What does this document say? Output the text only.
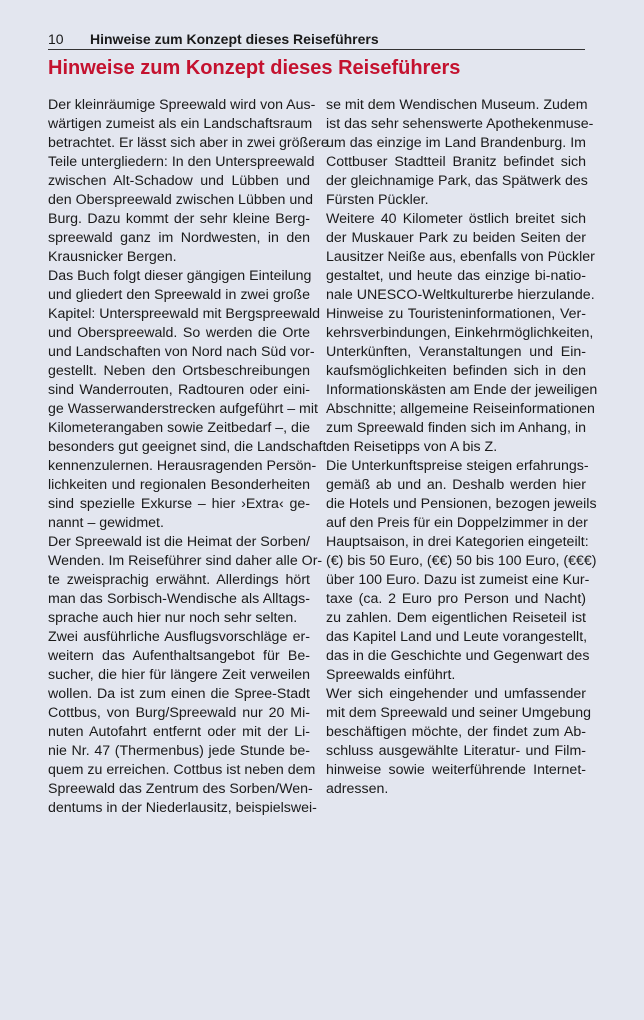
10 Hinweise zum Konzept dieses Reiseführers
Hinweise zum Konzept dieses Reiseführers
Der kleinräumige Spreewald wird von Aus-
wärtigen zumeist als ein Landschaftsraum
betrachtet. Er lässt sich aber in zwei größere
Teile untergliedern: In den Unterspreewald
zwischen Alt-Schadow und Lübben und
den Oberspreewald zwischen Lübben und
Burg. Dazu kommt der sehr kleine Berg-
spreewald ganz im Nordwesten, in den
Krausnicker Bergen.
Das Buch folgt dieser gängigen Einteilung
und gliedert den Spreewald in zwei große
Kapitel: Unterspreewald mit Bergspreewald
und Oberspreewald. So werden die Orte
und Landschaften von Nord nach Süd vor-
gestellt. Neben den Ortsbeschreibungen
sind Wanderrouten, Radtouren oder eini-
ge Wasserwanderstrecken aufgeführt – mit
Kilometerangaben sowie Zeitbedarf –, die
besonders gut geeignet sind, die Landschaft
kennenzulernen. Herausragenden Persön-
lichkeiten und regionalen Besonderheiten
sind spezielle Exkurse – hier ›Extra‹ ge-
nannt – gewidmet.
Der Spreewald ist die Heimat der Sorben/
Wenden. Im Reiseführer sind daher alle Or-
te zweisprachig erwähnt. Allerdings hört
man das Sorbisch-Wendische als Alltags-
sprache auch hier nur noch sehr selten.
Zwei ausführliche Ausflugsvorschläge er-
weitern das Aufenthaltsangebot für Be-
sucher, die hier für längere Zeit verweilen
wollen. Da ist zum einen die Spree-Stadt
Cottbus, von Burg/Spreewald nur 20 Mi-
nuten Autofahrt entfernt oder mit der Li-
nie Nr. 47 (Thermenbus) jede Stunde be-
quem zu erreichen. Cottbus ist neben dem
Spreewald das Zentrum des Sorben/Wen-
dentums in der Niederlausitz, beispielswei-
se mit dem Wendischen Museum. Zudem
ist das sehr sehenswerte Apothekenmuse-
um das einzige im Land Brandenburg. Im
Cottbuser Stadtteil Branitz befindet sich
der gleichnamige Park, das Spätwerk des
Fürsten Pückler.
Weitere 40 Kilometer östlich breitet sich
der Muskauer Park zu beiden Seiten der
Lausitzer Neiße aus, ebenfalls von Pückler
gestaltet, und heute das einzige bi-natio-
nale UNESCO-Weltkulturerbe hierzulande.
Hinweise zu Touristeninformationen, Ver-
kehrsverbindungen, Einkehrmöglichkeiten,
Unterkünften, Veranstaltungen und Ein-
kaufsmöglichkeiten befinden sich in den
Informationskästen am Ende der jeweiligen
Abschnitte; allgemeine Reiseinformationen
zum Spreewald finden sich im Anhang, in
den Reisetipps von A bis Z.
Die Unterkunftspreise steigen erfahrungs-
gemäß ab und an. Deshalb werden hier
die Hotels und Pensionen, bezogen jeweils
auf den Preis für ein Doppelzimmer in der
Hauptsaison, in drei Kategorien eingeteilt:
(€) bis 50 Euro, (€€) 50 bis 100 Euro, (€€€)
über 100 Euro. Dazu ist zumeist eine Kur-
taxe (ca. 2 Euro pro Person und Nacht)
zu zahlen. Dem eigentlichen Reiseteil ist
das Kapitel Land und Leute vorangestellt,
das in die Geschichte und Gegenwart des
Spreewalds einführt.
Wer sich eingehender und umfassender
mit dem Spreewald und seiner Umgebung
beschäftigen möchte, der findet zum Ab-
schluss ausgewählte Literatur- und Film-
hinweise sowie weiterführende Internet-
adressen.
